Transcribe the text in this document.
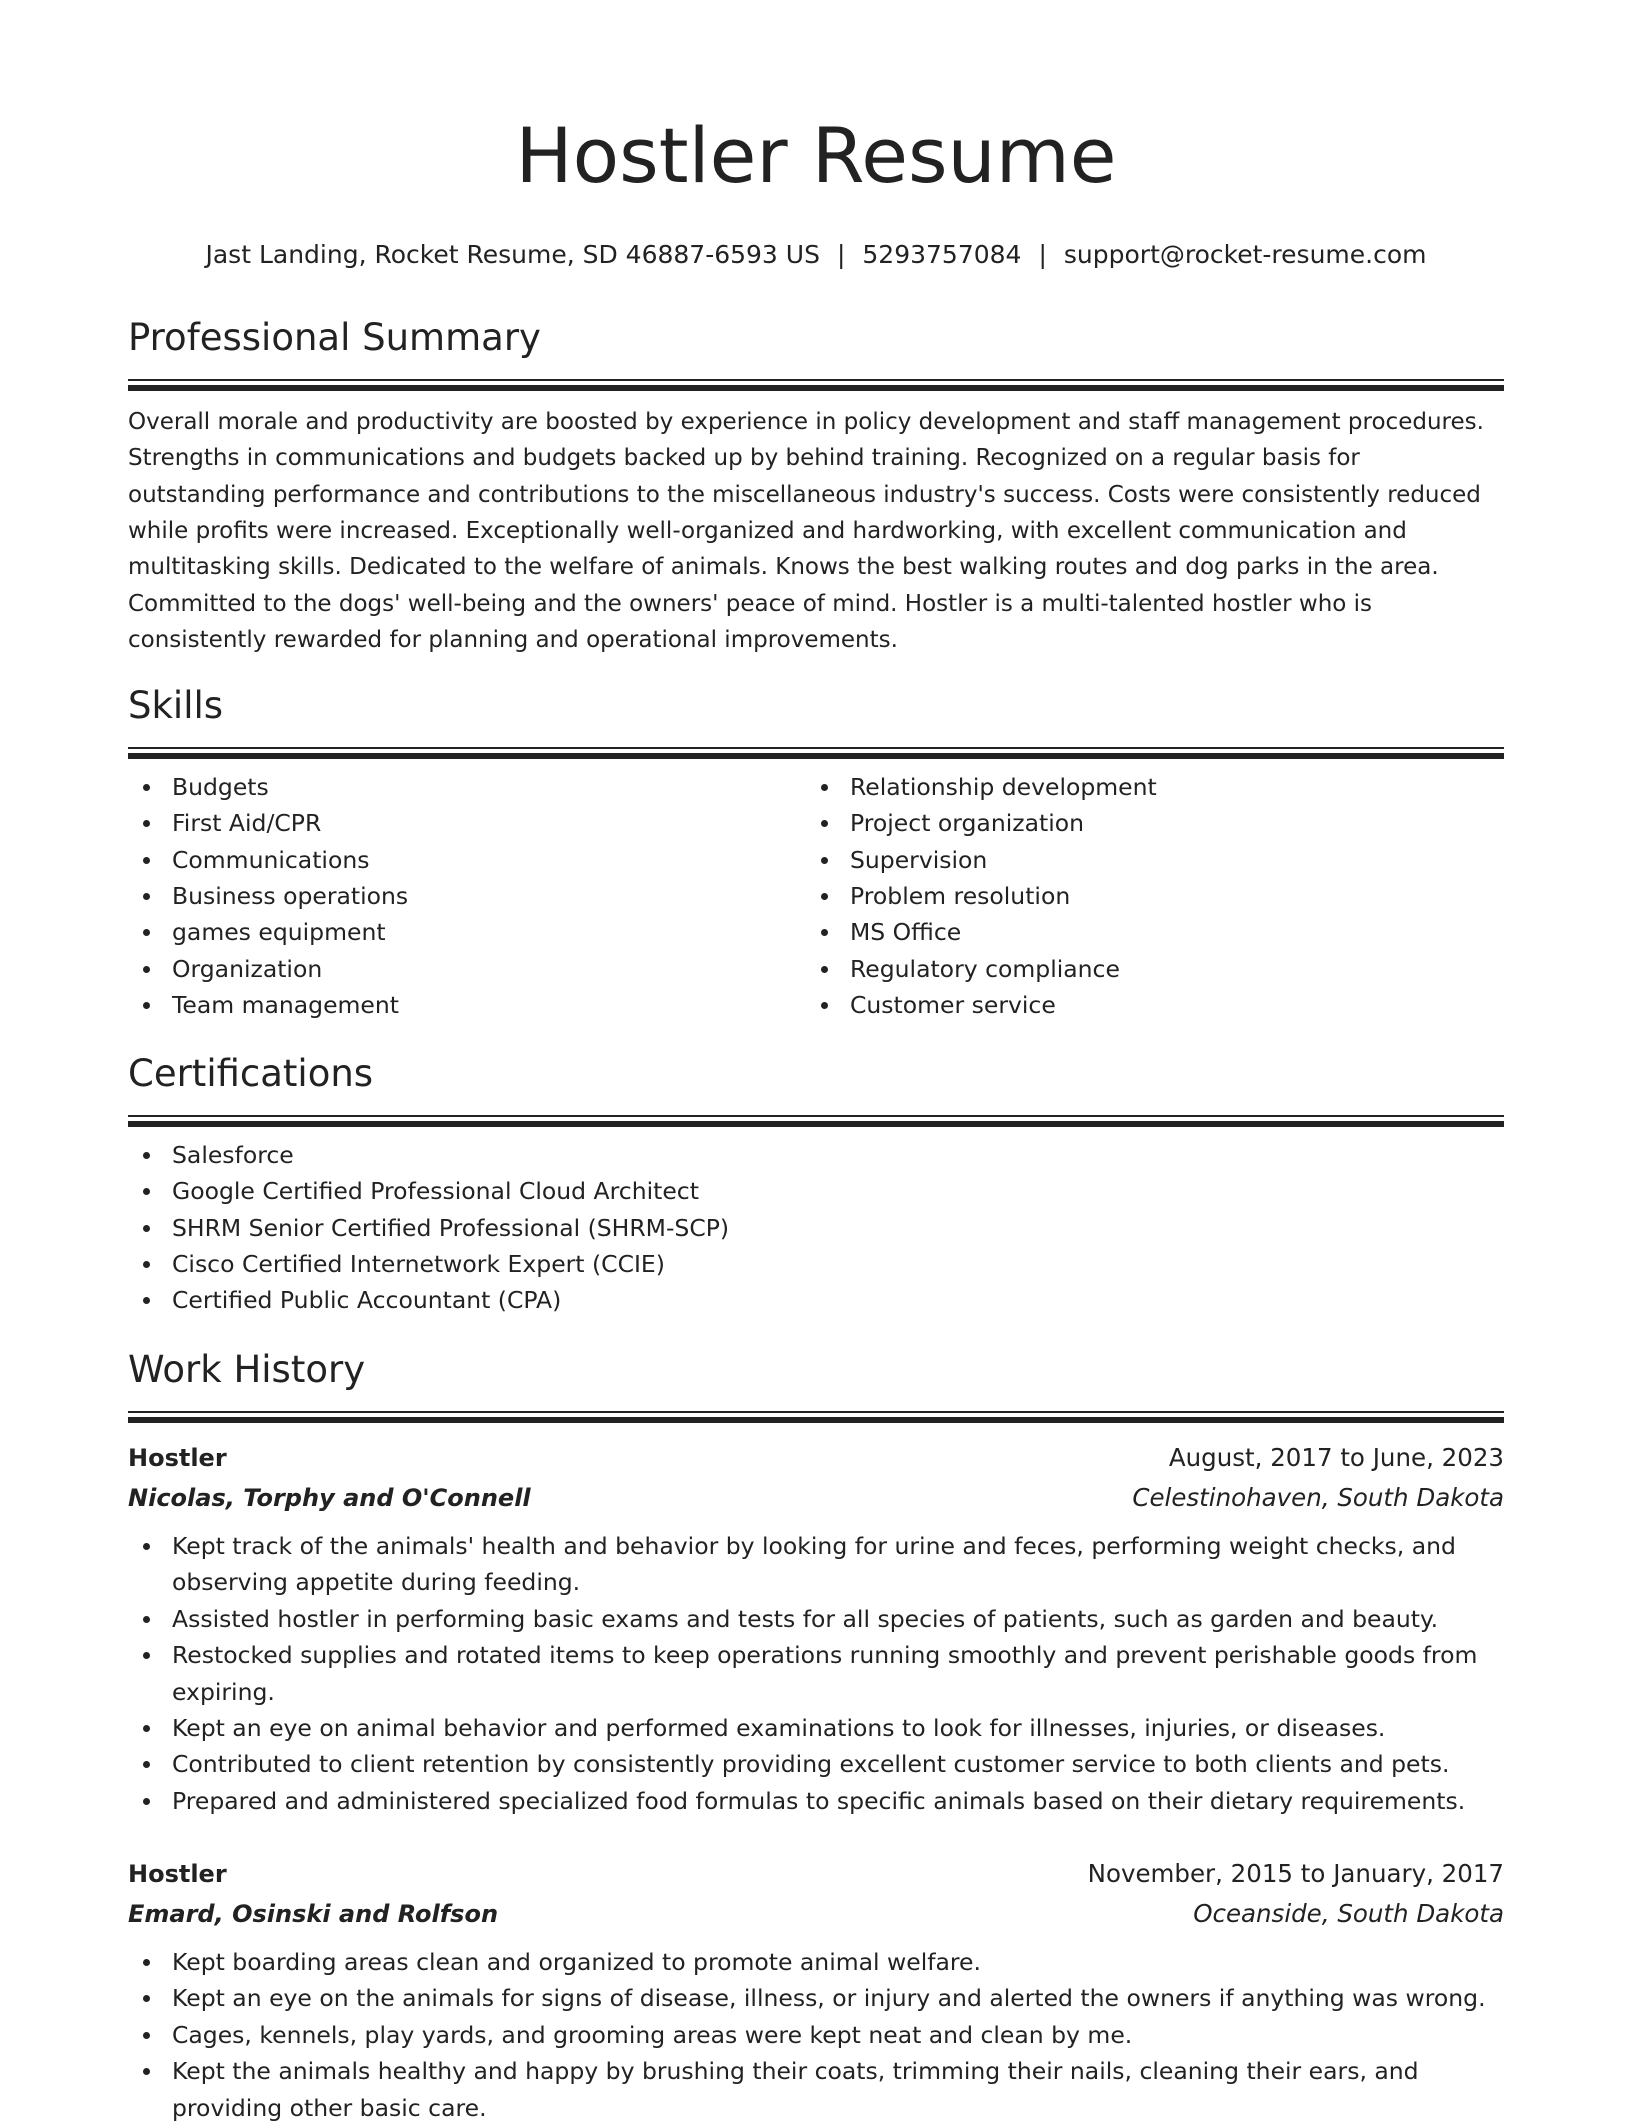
Hostler Resume
Jast Landing, Rocket Resume, SD 46887-6593 US | 5293757084 | support@rocket-resume.com
Professional Summary

Overall morale and productivity are boosted by experience in policy development and staff management procedures. Strengths in communications and budgets backed up by behind training. Recognized on a regular basis for outstanding performance and contributions to the miscellaneous industry's success. Costs were consistently reduced while profits were increased. Exceptionally well-organized and hardworking, with excellent communication and multitasking skills. Dedicated to the welfare of animals. Knows the best walking routes and dog parks in the area. Committed to the dogs' well-being and the owners' peace of mind. Hostler is a multi-talented hostler who is consistently rewarded for planning and operational improvements.

Skills
Budgets
First Aid/CPR
Communications
Business operations
games equipment
Organization
Team management
Relationship development
Project organization
Supervision
Problem resolution
MS Office
Regulatory compliance
Customer service
Certifications
Salesforce
Google Certified Professional Cloud Architect
SHRM Senior Certified Professional (SHRM-SCP)
Cisco Certified Internetwork Expert (CCIE)
Certified Public Accountant (CPA)
Work History
Hostler	August, 2017 to June, 2023
Nicolas, Torphy and O'Connell	Celestinohaven, South Dakota
Kept track of the animals' health and behavior by looking for urine and feces, performing weight checks, and observing appetite during feeding.
Assisted hostler in performing basic exams and tests for all species of patients, such as garden and beauty.
Restocked supplies and rotated items to keep operations running smoothly and prevent perishable goods from expiring.
Kept an eye on animal behavior and performed examinations to look for illnesses, injuries, or diseases.
Contributed to client retention by consistently providing excellent customer service to both clients and pets.
Prepared and administered specialized food formulas to specific animals based on their dietary requirements.
Hostler	November, 2015 to January, 2017
Emard, Osinski and Rolfson	Oceanside, South Dakota
Kept boarding areas clean and organized to promote animal welfare.
Kept an eye on the animals for signs of disease, illness, or injury and alerted the owners if anything was wrong.
Cages, kennels, play yards, and grooming areas were kept neat and clean by me.
Kept the animals healthy and happy by brushing their coats, trimming their nails, cleaning their ears, and providing other basic care.
